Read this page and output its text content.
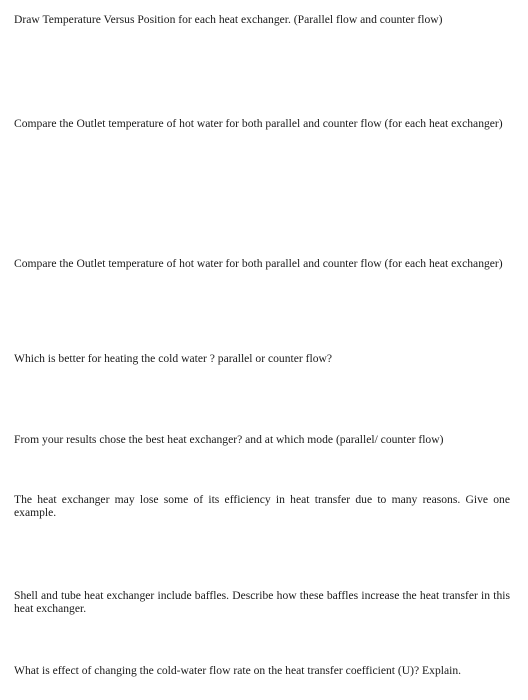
Draw Temperature Versus Position for each heat exchanger. (Parallel flow and counter flow)

Compare the Outlet temperature of hot water for both parallel and counter flow (for each heat exchanger)

Compare the Outlet temperature of hot water for both parallel and counter flow (for each heat exchanger)

Which is better for heating the cold water ? parallel or counter flow?

From your results chose the best heat exchanger? and at which mode (parallel/ counter flow)

The heat exchanger may lose some of its efficiency in heat transfer due to many reasons. Give one example.

Shell and tube heat exchanger include baffles. Describe how these baffles increase the heat transfer in this heat exchanger.

What is effect of changing the cold-water flow rate on the heat transfer coefficient (U)? Explain.
